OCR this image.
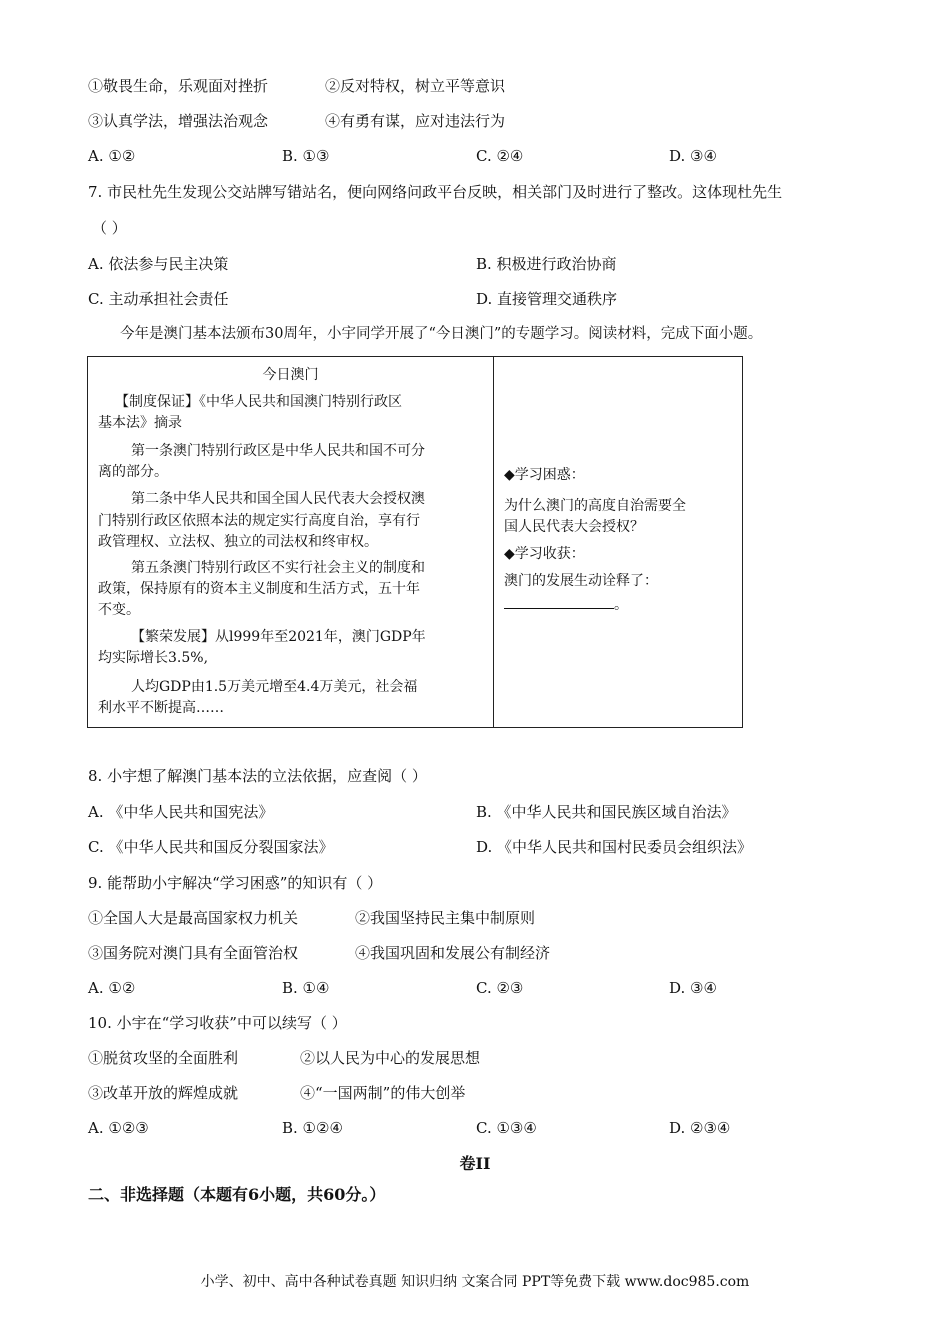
①敬畏生命，乐观面对挫折	②反对特权，树立平等意识
③认真学法，增强法治观念	④有勇有谋，应对违法行为
A. ①②	B. ①③	C. ②④	D. ③④
7. 市民杜先生发现公交站牌写错站名，便向网络问政平台反映，相关部门及时进行了整改。这体现杜先生
（ ）
A. 依法参与民主决策	B. 积极进行政治协商
C. 主动承担社会责任	D. 直接管理交通秩序
今年是澳门基本法颁布30周年，小宇同学开展了“今日澳门”的专题学习。阅读材料，完成下面小题。
今日澳门
【制度保证】《中华人民共和国澳门特别行政区
基本法》摘录
第一条澳门特别行政区是中华人民共和国不可分
离的部分。
第二条中华人民共和国全国人民代表大会授权澳
门特别行政区依照本法的规定实行高度自治，享有行
政管理权、立法权、独立的司法权和终审权。
第五条澳门特别行政区不实行社会主义的制度和
政策，保持原有的资本主义制度和生活方式，五十年
不变。
【繁荣发展】从l999年至2021年，澳门GDP年
均实际增长3.5%,
人均GDP由1.5万美元增至4.4万美元，社会福
利水平不断提高……

◆学习困惑：
为什么澳门的高度自治需要全
国人民代表大会授权？
◆学习收获：
澳门的发展生动诠释了：
。
8. 小宇想了解澳门基本法的立法依据，应查阅（ ）
A. 《中华人民共和国宪法》	B. 《中华人民共和国民族区域自治法》
C. 《中华人民共和国反分裂国家法》	D. 《中华人民共和国村民委员会组织法》
9. 能帮助小宇解决“学习困惑”的知识有（ ）
①全国人大是最高国家权力机关	②我国坚持民主集中制原则
③国务院对澳门具有全面管治权	④我国巩固和发展公有制经济
A. ①②	B. ①④	C. ②③	D. ③④
10. 小宇在“学习收获”中可以续写（ ）
①脱贫攻坚的全面胜利	②以人民为中心的发展思想
③改革开放的辉煌成就	④“一国两制”的伟大创举
A. ①②③	B. ①②④	C. ①③④	D. ②③④
卷II
二、非选择题（本题有6小题，共60分。）
小学、初中、高中各种试卷真题 知识归纳 文案合同 PPT等免费下载 www.doc985.com
